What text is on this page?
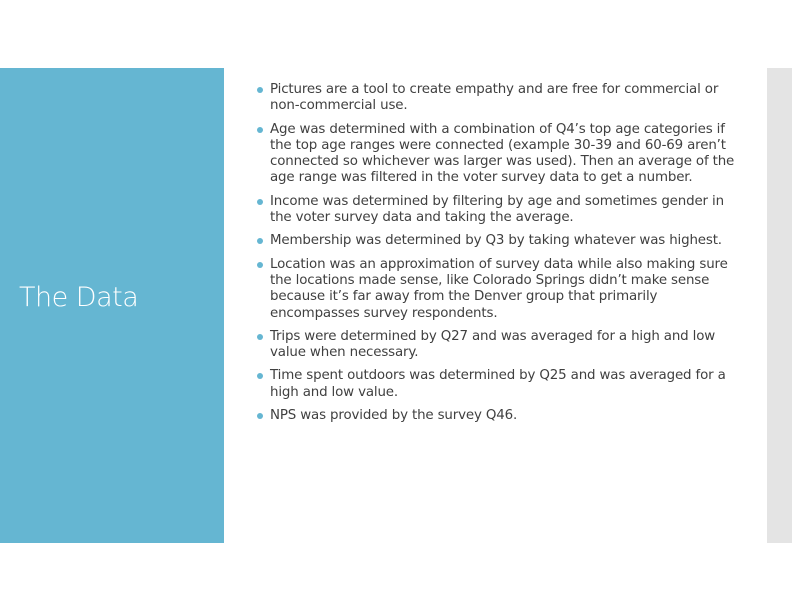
The Data
Pictures are a tool to create empathy and are free for commercial or non-commercial use.
Age was determined with a combination of Q4’s top age categories if the top age ranges were connected (example 30-39 and 60-69 aren’t connected so whichever was larger was used). Then an average of the age range was filtered in the voter survey data to get a number.
Income was determined by filtering by age and sometimes gender in the voter survey data and taking the average.
Membership was determined by Q3 by taking whatever was highest.
Location was an approximation of survey data while also making sure the locations made sense, like Colorado Springs didn’t make sense because it’s far away from the Denver group that primarily encompasses survey respondents.
Trips were determined by Q27 and was averaged for a high and low value when necessary.
Time spent outdoors was determined by Q25 and was averaged for a high and low value.
NPS was provided by the survey Q46.
